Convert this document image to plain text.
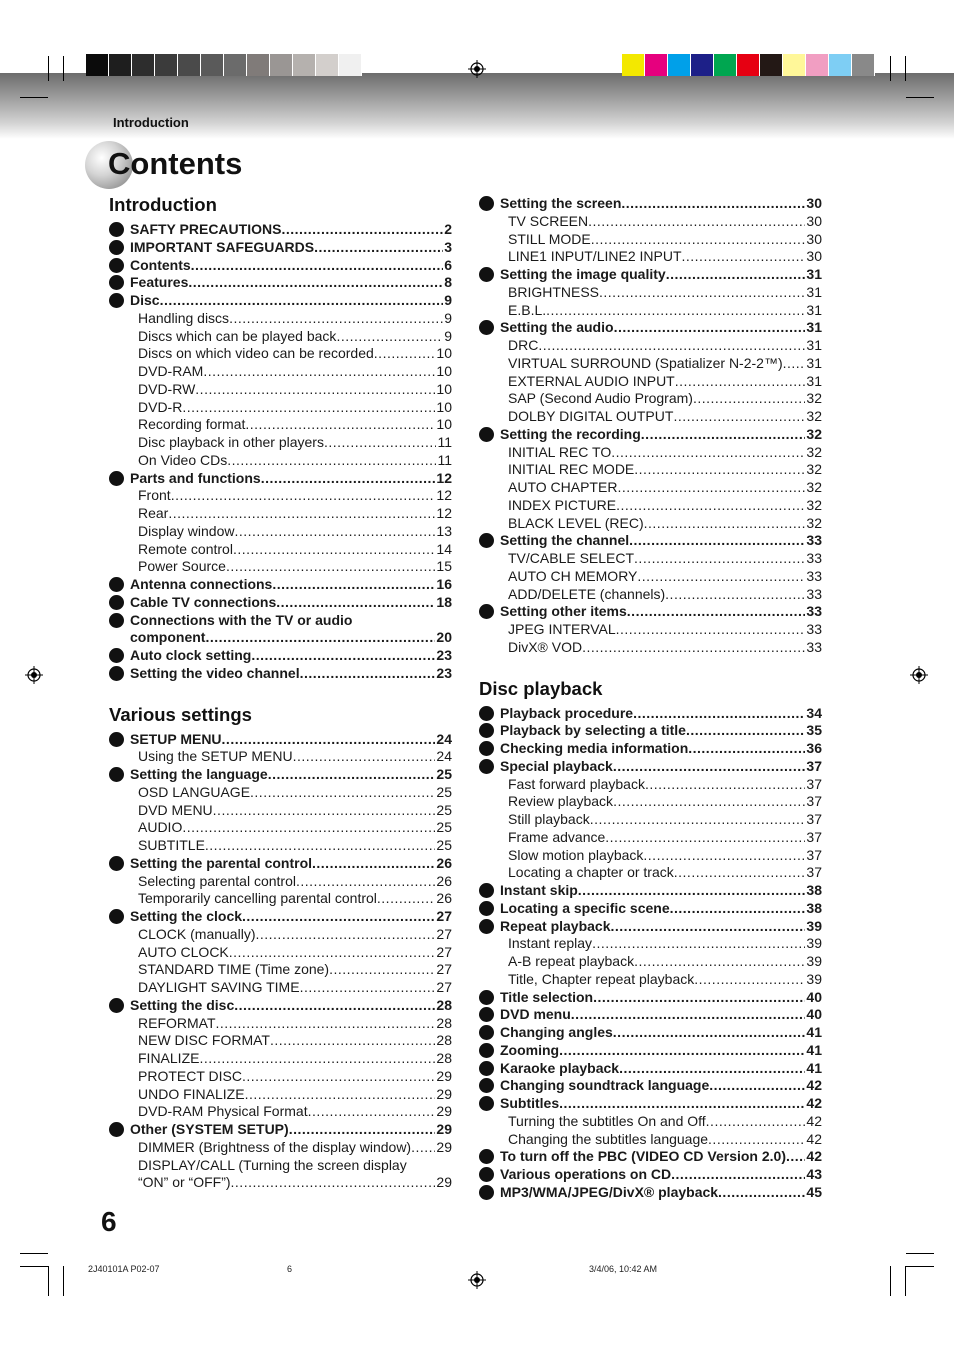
Introduction
Contents
Introduction
SAFTY PRECAUTIONS .....	2
IMPORTANT SAFEGUARDS .....	3
Contents .....	6
Features .....	8
Disc .....	9
Handling discs .....	9
Discs which can be played back .....	9
Discs on which video can be recorded .....	10
DVD-RAM .....	10
DVD-RW .....	10
DVD-R .....	10
Recording format .....	10
Disc playback in other players .....	11
On Video CDs .....	11
Parts and functions .....	12
Front .....	12
Rear .....	12
Display window .....	13
Remote control .....	14
Power Source .....	15
Antenna connections .....	16
Cable TV connections .....	18
Connections with the TV or audio
component .....	20
Auto clock setting .....	23
Setting the video channel .....	23
Various settings
SETUP MENU .....	24
Using the SETUP MENU .....	24
Setting the language .....	25
OSD LANGUAGE .....	25
DVD MENU .....	25
AUDIO .....	25
SUBTITLE .....	25
Setting the parental control .....	26
Selecting parental control .....	26
Temporarily cancelling parental control .....	26
Setting the clock .....	27
CLOCK (manually) .....	27
AUTO CLOCK .....	27
STANDARD TIME (Time zone) .....	27
DAYLIGHT SAVING TIME .....	27
Setting the disc .....	28
REFORMAT .....	28
NEW DISC FORMAT .....	28
FINALIZE .....	28
PROTECT DISC .....	29
UNDO FINALIZE .....	29
DVD-RAM Physical Format .....	29
Other (SYSTEM SETUP) .....	29
DIMMER (Brightness of the display window) ..... 29
DISPLAY/CALL (Turning the screen display
“ON” or “OFF”) .....	29
Setting the screen .....	30
TV SCREEN .....	30
STILL MODE .....	30
LINE1 INPUT/LINE2 INPUT .....	30
Setting the image quality .....	31
BRIGHTNESS .....	31
E.B.L. .....	31
Setting the audio .....	31
DRC .....	31
VIRTUAL SURROUND (Spatializer N-2-2™) ..... 31
EXTERNAL AUDIO INPUT .....	31
SAP (Second Audio Program) .....	32
DOLBY DIGITAL OUTPUT .....	32
Setting the recording .....	32
INITIAL REC TO .....	32
INITIAL REC MODE .....	32
AUTO CHAPTER .....	32
INDEX PICTURE .....	32
BLACK LEVEL (REC) .....	32
Setting the channel .....	33
TV/CABLE SELECT .....	33
AUTO CH MEMORY .....	33
ADD/DELETE (channels) .....	33
Setting other items .....	33
JPEG INTERVAL .....	33
DivX® VOD .....	33
Disc playback
Playback procedure .....	34
Playback by selecting a title .....	35
Checking media information .....	36
Special playback .....	37
Fast forward playback .....	37
Review playback .....	37
Still playback .....	37
Frame advance .....	37
Slow motion playback .....	37
Locating a chapter or track .....	37
Instant skip .....	38
Locating a specific scene .....	38
Repeat playback .....	39
Instant replay .....	39
A-B repeat playback .....	39
Title, Chapter repeat playback .....	39
Title selection .....	40
DVD menu .....	40
Changing angles .....	41
Zooming .....	41
Karaoke playback .....	41
Changing soundtrack language .....	42
Subtitles .....	42
Turning the subtitles On and Off .....	42
Changing the subtitles language .....	42
To turn off the PBC (VIDEO CD Version 2.0) ..... 42
Various operations on CD .....	43
MP3/WMA/JPEG/DivX® playback .....	45
6
2J40101A P02-07	6	3/4/06, 10:42 AM
